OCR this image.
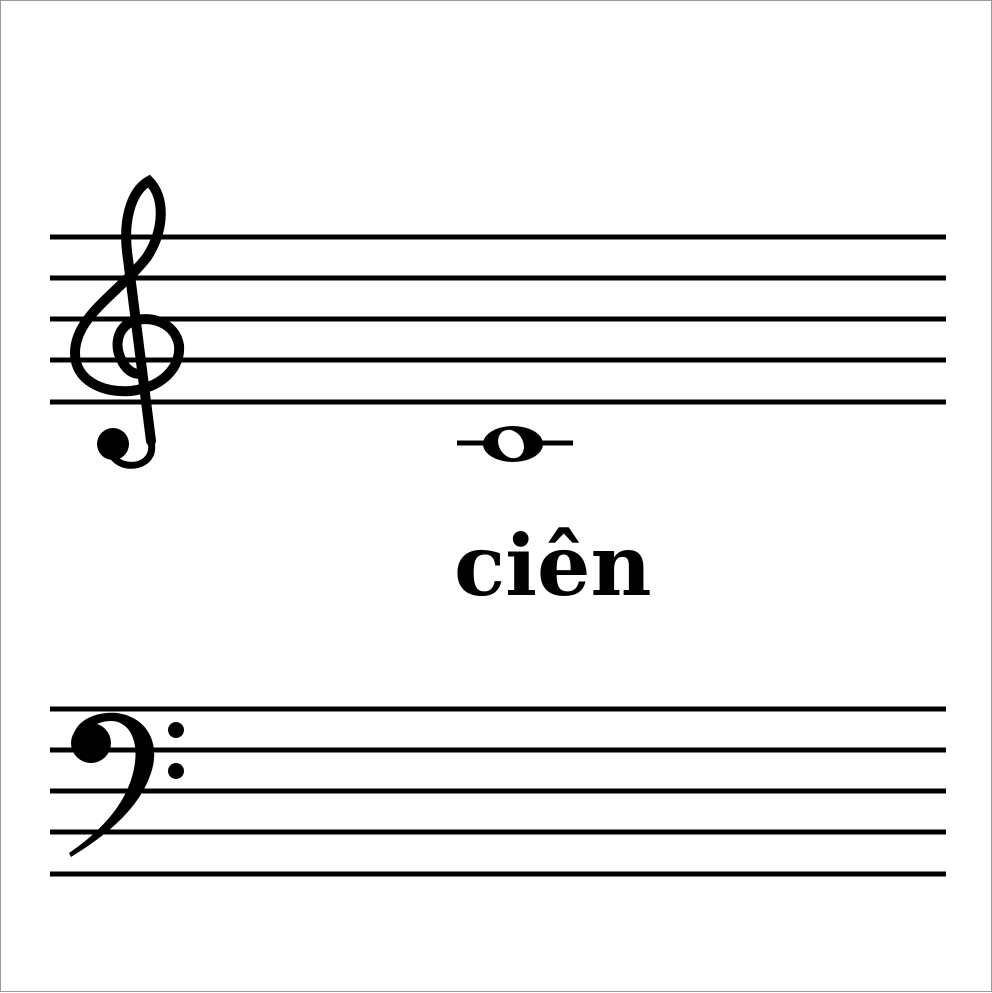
ciên
